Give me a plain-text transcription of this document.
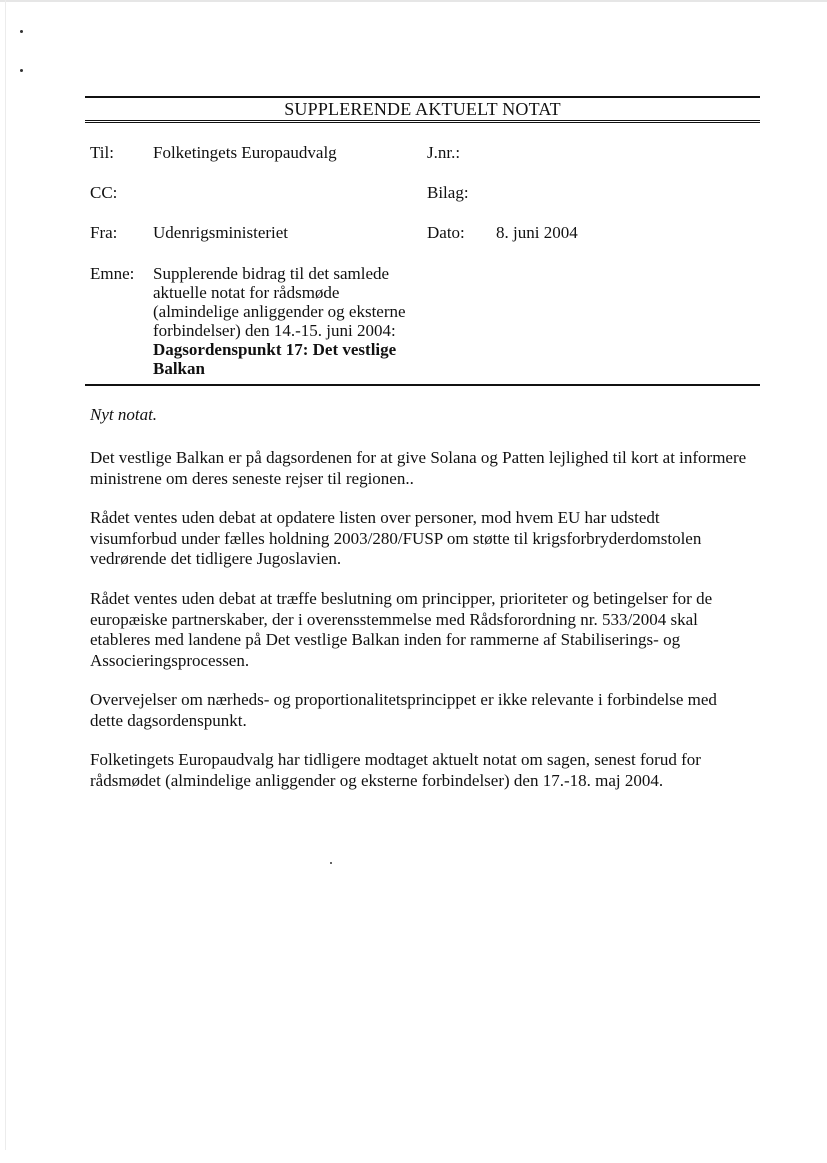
SUPPLERENDE AKTUELT NOTAT
Til: Folketingets Europaudvalg	J.nr.:
CC:	Bilag:
Fra: Udenrigsministeriet	Dato: 8. juni 2004
Emne: Supplerende bidrag til det samlede
aktuelle notat for rådsmøde
(almindelige anliggender og eksterne
forbindelser) den 14.-15. juni 2004:
Dagsordenspunkt 17: Det vestlige
Balkan
Nyt notat.
Det vestlige Balkan er på dagsordenen for at give Solana og Patten lejlighed til kort at informere
ministrene om deres seneste rejser til regionen..
Rådet ventes uden debat at opdatere listen over personer, mod hvem EU har udstedt
visumforbud under fælles holdning 2003/280/FUSP om støtte til krigsforbryderdomstolen
vedrørende det tidligere Jugoslavien.
Rådet ventes uden debat at træffe beslutning om principper, prioriteter og betingelser for de
europæiske partnerskaber, der i overensstemmelse med Rådsforordning nr. 533/2004 skal
etableres med landene på Det vestlige Balkan inden for rammerne af Stabiliserings- og
Associeringsprocessen.
Overvejelser om nærheds- og proportionalitetsprincippet er ikke relevante i forbindelse med
dette dagsordenspunkt.
Folketingets Europaudvalg har tidligere modtaget aktuelt notat om sagen, senest forud for
rådsmødet (almindelige anliggender og eksterne forbindelser) den 17.-18. maj 2004.
